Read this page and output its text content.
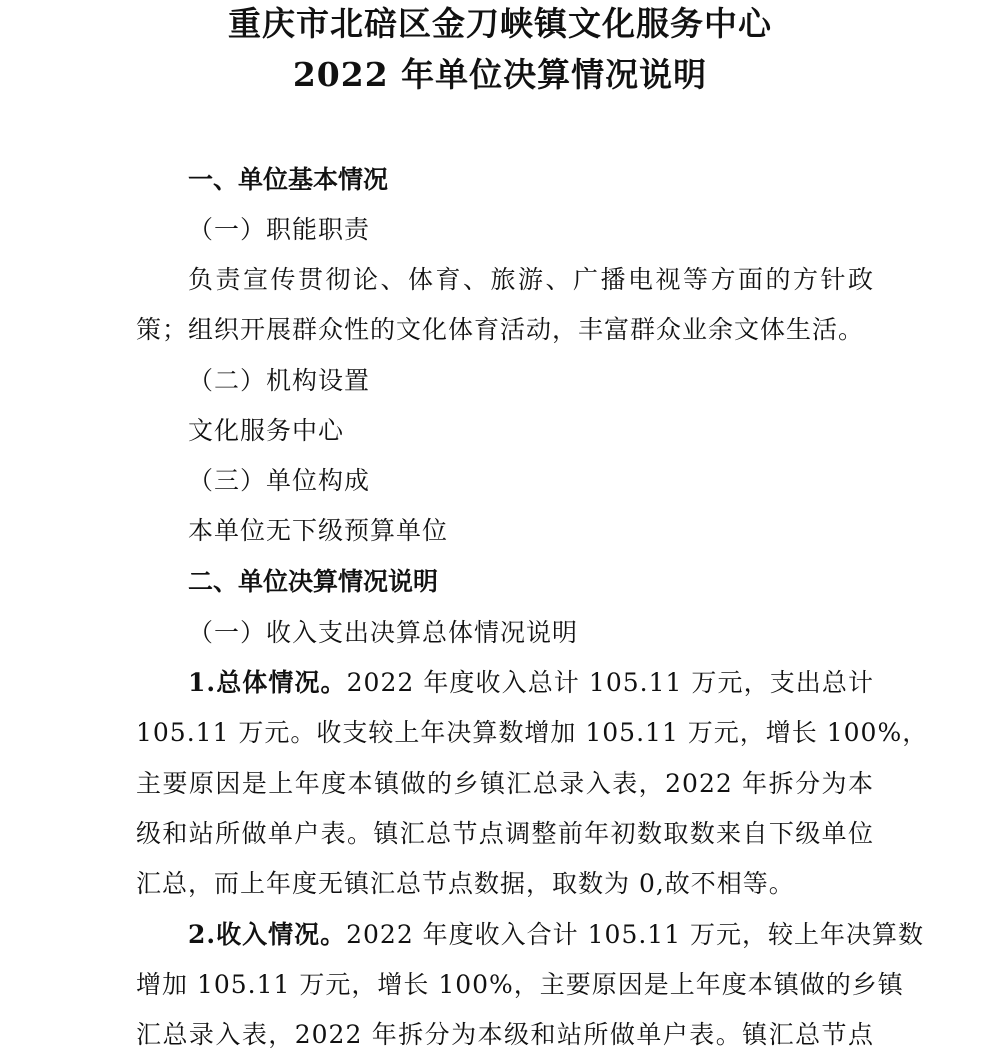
重庆市北碚区金刀峡镇文化服务中心
2022 年单位决算情况说明
一、单位基本情况
（一）职能职责
负责宣传贯彻论、体育、旅游、广播电视等方面的方针政
策；组织开展群众性的文化体育活动，丰富群众业余文体生活。
（二）机构设置
文化服务中心
（三）单位构成
本单位无下级预算单位
二、单位决算情况说明
（一）收入支出决算总体情况说明
1.总体情况。2022 年度收入总计 105.11 万元，支出总计
105.11 万元。收支较上年决算数增加 105.11 万元，增长 100%，
主要原因是上年度本镇做的乡镇汇总录入表，2022 年拆分为本
级和站所做单户表。镇汇总节点调整前年初数取数来自下级单位
汇总，而上年度无镇汇总节点数据，取数为 0,故不相等。
2.收入情况。2022 年度收入合计 105.11 万元，较上年决算数
增加 105.11 万元，增长 100%，主要原因是上年度本镇做的乡镇
汇总录入表，2022 年拆分为本级和站所做单户表。镇汇总节点
